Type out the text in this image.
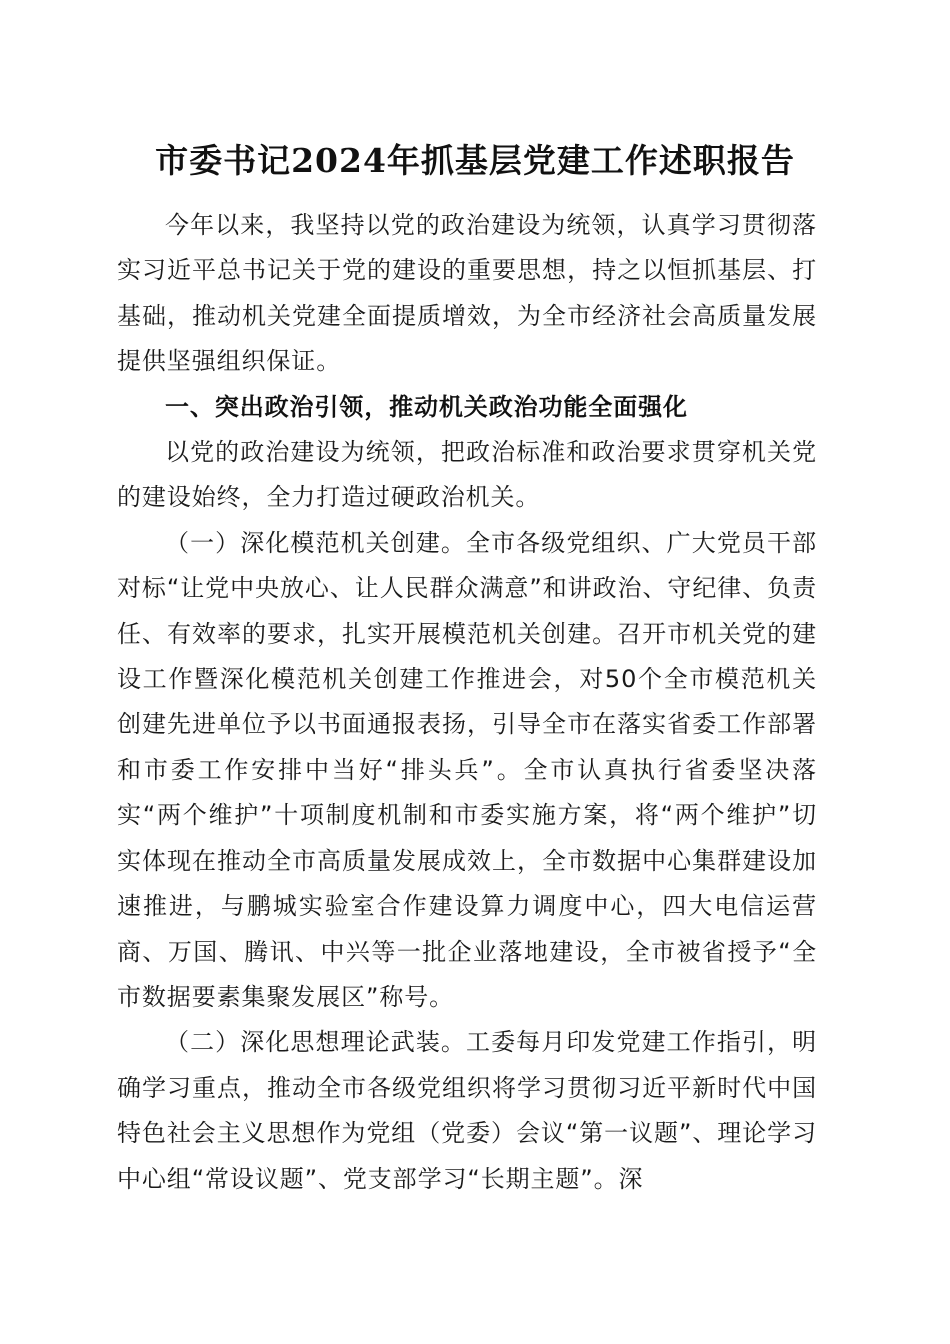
市委书记2024年抓基层党建工作述职报告

今年以来，我坚持以党的政治建设为统领，认真学习贯彻落实习近平总书记关于党的建设的重要思想，持之以恒抓基层、打基础，推动机关党建全面提质增效，为全市经济社会高质量发展提供坚强组织保证。

一、突出政治引领，推动机关政治功能全面强化

以党的政治建设为统领，把政治标准和政治要求贯穿机关党的建设始终，全力打造过硬政治机关。

（一）深化模范机关创建。全市各级党组织、广大党员干部对标“让党中央放心、让人民群众满意”和讲政治、守纪律、负责任、有效率的要求，扎实开展模范机关创建。召开市机关党的建设工作暨深化模范机关创建工作推进会，对50个全市模范机关创建先进单位予以书面通报表扬，引导全市在落实省委工作部署和市委工作安排中当好“排头兵”。全市认真执行省委坚决落实“两个维护”十项制度机制和市委实施方案，将“两个维护”切实体现在推动全市高质量发展成效上，全市数据中心集群建设加速推进，与鹏城实验室合作建设算力调度中心，四大电信运营商、万国、腾讯、中兴等一批企业落地建设，全市被省授予“全市数据要素集聚发展区”称号。

（二）深化思想理论武装。工委每月印发党建工作指引，明确学习重点，推动全市各级党组织将学习贯彻习近平新时代中国特色社会主义思想作为党组（党委）会议“第一议题”、理论学习中心组“常设议题”、党支部学习“长期主题”。深
